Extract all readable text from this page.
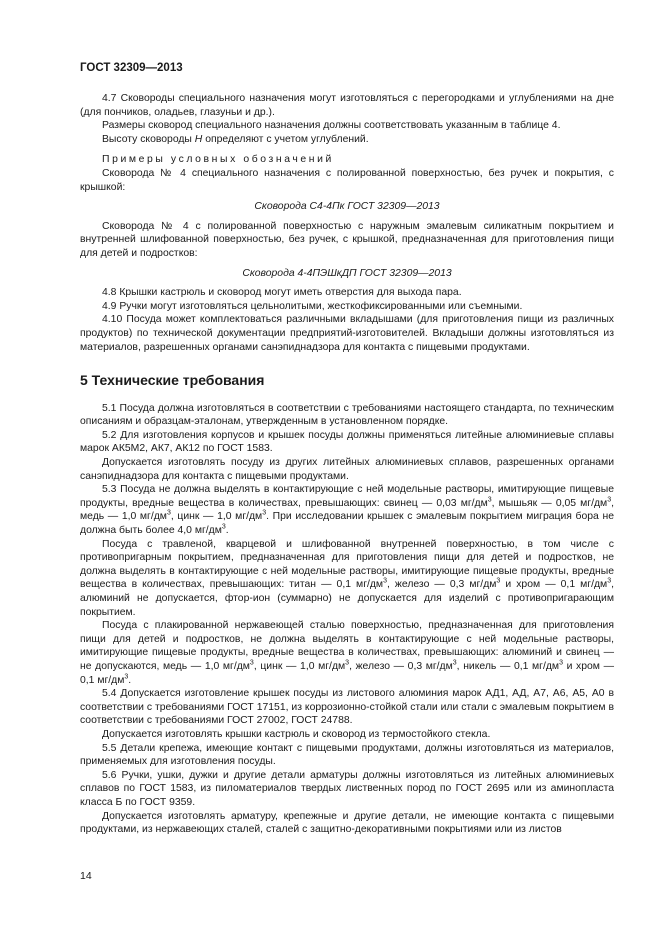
ГОСТ 32309—2013

4.7 Сковороды специального назначения могут изготовляться с перегородками и углублениями на дне (для пончиков, оладьев, глазуньи и др.).

Размеры сковород специального назначения должны соответствовать указанным в таблице 4.

Высоту сковороды Н определяют с учетом углублений.

Примеры условных обозначений

Сковорода № 4 специального назначения с полированной поверхностью, без ручек и покрытия, с крышкой:

Сковорода С4-4Пк ГОСТ 32309—2013

Сковорода № 4 с полированной поверхностью с наружным эмалевым силикатным покрытием и внутренней шлифованной поверхностью, без ручек, с крышкой, предназначенная для приготовления пищи для детей и подростков:

Сковорода 4-4ПЭШкДП ГОСТ 32309—2013

4.8 Крышки кастрюль и сковород могут иметь отверстия для выхода пара.

4.9 Ручки могут изготовляться цельнолитыми, жесткофиксированными или съемными.

4.10 Посуда может комплектоваться различными вкладышами (для приготовления пищи из различных продуктов) по технической документации предприятий-изготовителей. Вкладыши должны изготовляться из материалов, разрешенных органами санэпиднадзора для контакта с пищевыми продуктами.

5 Технические требования

5.1 Посуда должна изготовляться в соответствии с требованиями настоящего стандарта, по техническим описаниям и образцам-эталонам, утвержденным в установленном порядке.

5.2 Для изготовления корпусов и крышек посуды должны применяться литейные алюминиевые сплавы марок АК5М2, АК7, АК12 по ГОСТ 1583.

Допускается изготовлять посуду из других литейных алюминиевых сплавов, разрешенных органами санэпиднадзора для контакта с пищевыми продуктами.

5.3 Посуда не должна выделять в контактирующие с ней модельные растворы, имитирующие пищевые продукты, вредные вещества в количествах, превышающих: свинец — 0,03 $мг/дм^3$, мышьяк — 0,05 $мг/дм^3$, медь — 1,0 $мг/дм^3$, цинк — 1,0 $мг/дм^3$. При исследовании крышек с эмалевым покрытием миграция бора не должна быть более 4,0 $мг/дм^3$.

Посуда с травленой, кварцевой и шлифованной внутренней поверхностью, в том числе с противопригарным покрытием, предназначенная для приготовления пищи для детей и подростков, не должна выделять в контактирующие с ней модельные растворы, имитирующие пищевые продукты, вредные вещества в количествах, превышающих: титан — 0,1 $мг/дм^3$, железо — 0,3 $мг/дм^3$ и хром — 0,1 $мг/дм^3$, алюминий не допускается, фтор-ион (суммарно) не допускается для изделий с противопригарающим покрытием.

Посуда с плакированной нержавеющей сталью поверхностью, предназначенная для приготовления пищи для детей и подростков, не должна выделять в контактирующие с ней модельные растворы, имитирующие пищевые продукты, вредные вещества в количествах, превышающих: алюминий и свинец — не допускаются, медь — 1,0 $мг/дм^3$, цинк — 1,0 $мг/дм^3$, железо — 0,3 $мг/дм^3$, никель — 0,1 $мг/дм^3$ и хром — 0,1 $мг/дм^3$.

5.4 Допускается изготовление крышек посуды из листового алюминия марок АД1, АД, А7, А6, А5, А0 в соответствии с требованиями ГОСТ 17151, из коррозионно-стойкой стали или стали с эмалевым покрытием в соответствии с требованиями ГОСТ 27002, ГОСТ 24788.

Допускается изготовлять крышки кастрюль и сковород из термостойкого стекла.

5.5 Детали крепежа, имеющие контакт с пищевыми продуктами, должны изготовляться из материалов, применяемых для изготовления посуды.

5.6 Ручки, ушки, дужки и другие детали арматуры должны изготовляться из литейных алюминиевых сплавов по ГОСТ 1583, из пиломатериалов твердых лиственных пород по ГОСТ 2695 или из аминопласта класса Б по ГОСТ 9359.

Допускается изготовлять арматуру, крепежные и другие детали, не имеющие контакта с пищевыми продуктами, из нержавеющих сталей, сталей с защитно-декоративными покрытиями или из листов

14
